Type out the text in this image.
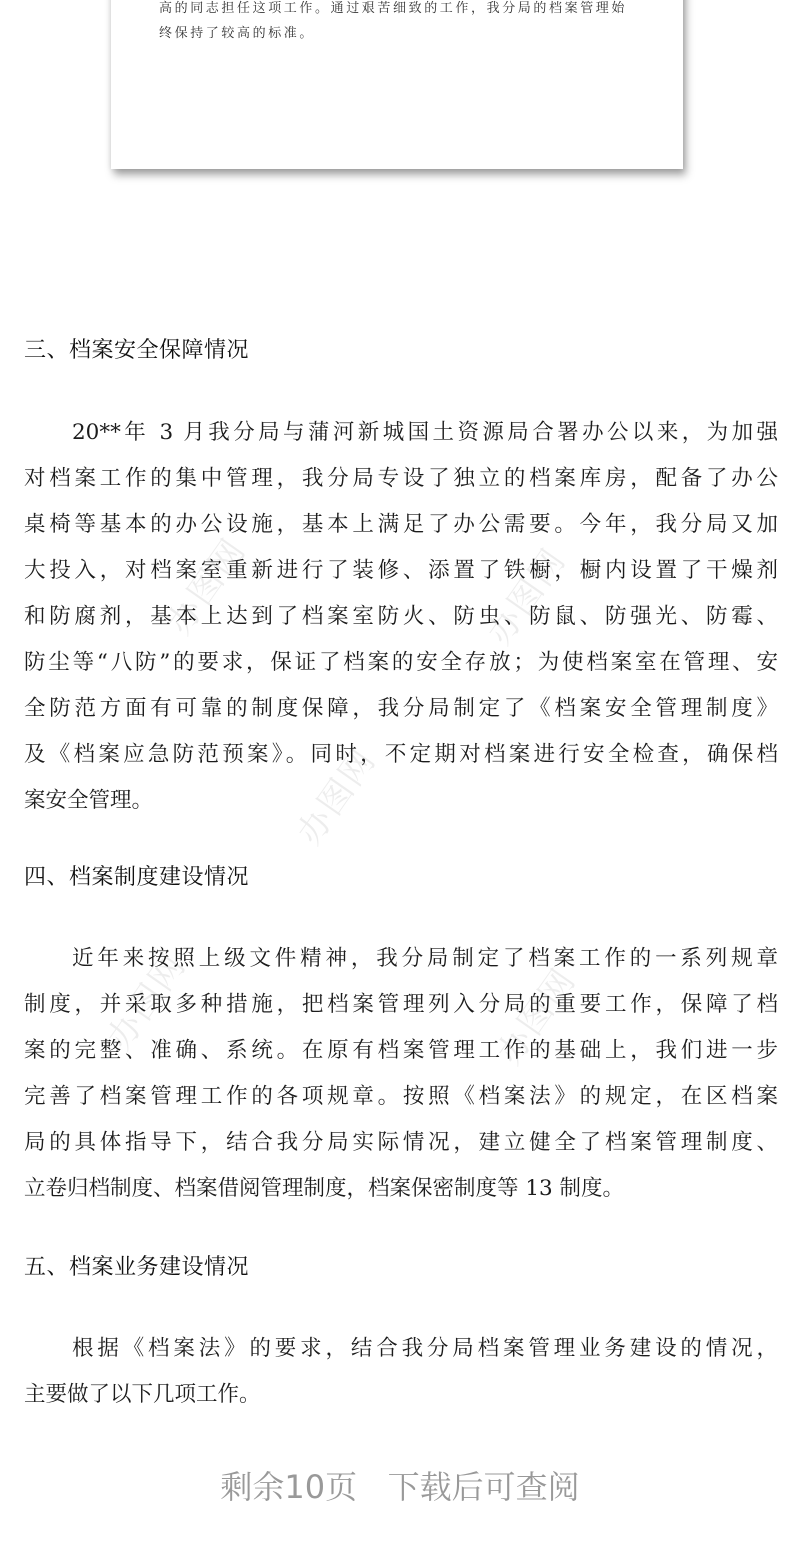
高的同志担任这项工作。通过艰苦细致的工作，我分局的档案管理始
终保持了较高的标准。
三、档案安全保障情况
20**年 3 月我分局与蒲河新城国土资源局合署办公以来，为加强
对档案工作的集中管理，我分局专设了独立的档案库房，配备了办公
桌椅等基本的办公设施，基本上满足了办公需要。今年，我分局又加
大投入，对档案室重新进行了装修、添置了铁橱，橱内设置了干燥剂
和防腐剂，基本上达到了档案室防火、防虫、防鼠、防强光、防霉、
防尘等“八防”的要求，保证了档案的安全存放；为使档案室在管理、安
全防范方面有可靠的制度保障，我分局制定了《档案安全管理制度》
及《档案应急防范预案》。同时，不定期对档案进行安全检查，确保档
案安全管理。
四、档案制度建设情况
近年来按照上级文件精神，我分局制定了档案工作的一系列规章
制度，并采取多种措施，把档案管理列入分局的重要工作，保障了档
案的完整、准确、系统。在原有档案管理工作的基础上，我们进一步
完善了档案管理工作的各项规章。按照《档案法》的规定，在区档案
局的具体指导下，结合我分局实际情况，建立健全了档案管理制度、
立卷归档制度、档案借阅管理制度，档案保密制度等 13 制度。
五、档案业务建设情况
根据《档案法》的要求，结合我分局档案管理业务建设的情况，
主要做了以下几项工作。
办图网	办图网
办图网
办图网	办图网
剩余10页   下载后可查阅
